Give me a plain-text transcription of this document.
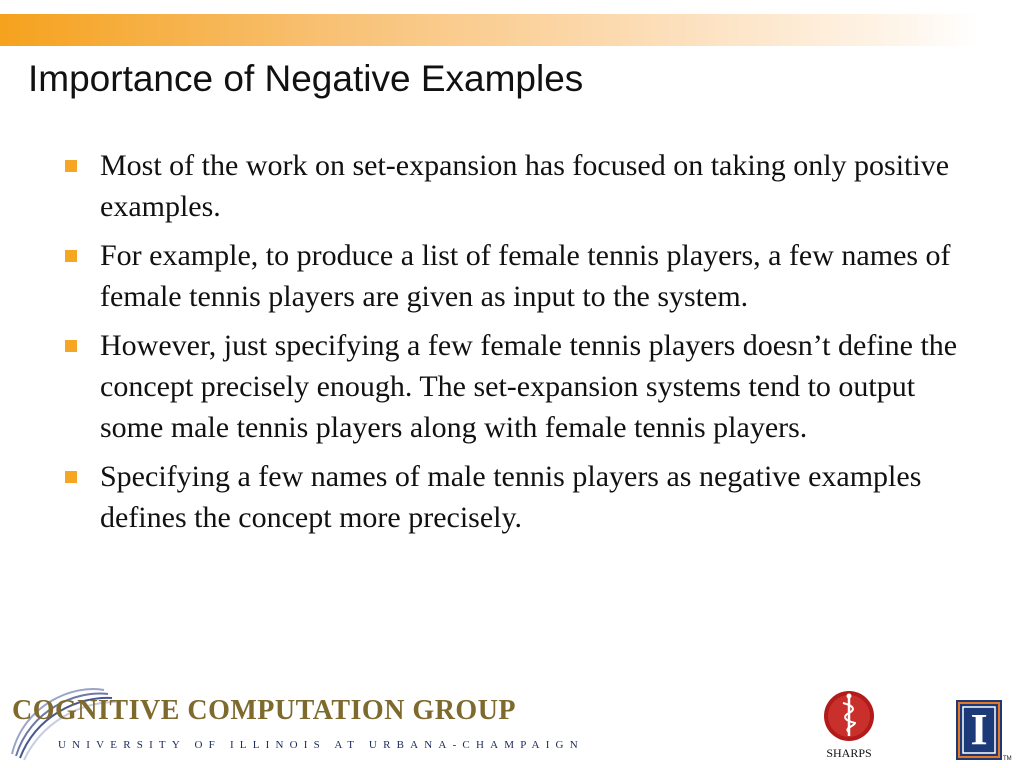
Importance of Negative Examples
Most of the work on set-expansion has focused on taking only positive examples.
For example, to produce a list of female tennis players, a few names of female tennis players are given as input to the system.
However, just specifying a few female tennis players doesn’t define the concept precisely enough. The set-expansion systems tend to output some male tennis players along with female tennis players.
Specifying a few names of male tennis players as negative examples defines the concept more precisely.
COGNITIVE COMPUTATION GROUP
UNIVERSITY OF ILLINOIS AT URBANA-CHAMPAIGN
SHARPS	I
TM
